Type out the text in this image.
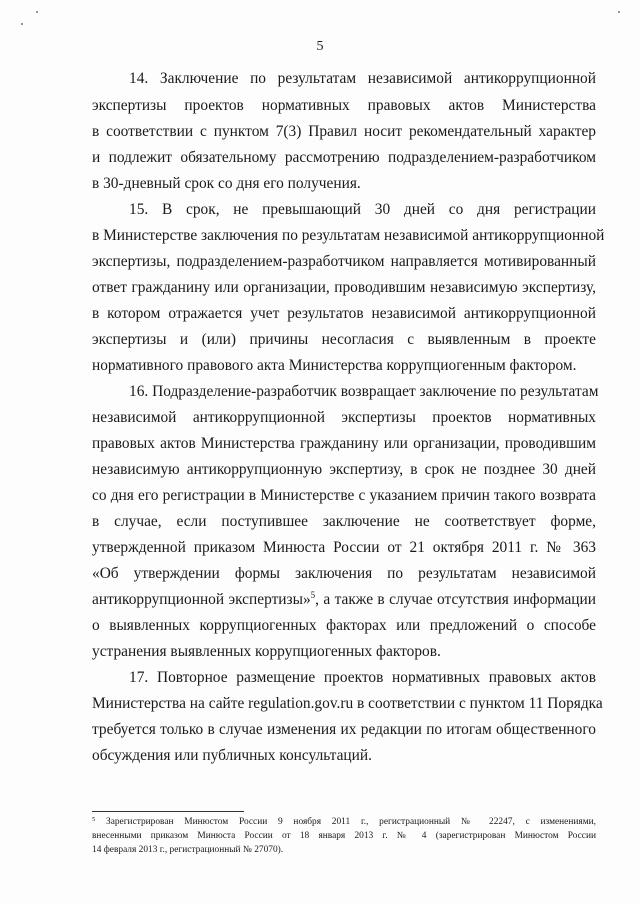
5
14. Заключение по результатам независимой антикоррупционной
экспертизы проектов нормативных правовых актов Министерства
в соответствии с пунктом 7(3) Правил носит рекомендательный характер
и подлежит обязательному рассмотрению подразделением-разработчиком
в 30-дневный срок со дня его получения.
15. В срок, не превышающий 30 дней со дня регистрации
в Министерстве заключения по результатам независимой антикоррупционной
экспертизы, подразделением-разработчиком направляется мотивированный
ответ гражданину или организации, проводившим независимую экспертизу,
в котором отражается учет результатов независимой антикоррупционной
экспертизы и (или) причины несогласия с выявленным в проекте
нормативного правового акта Министерства коррупциогенным фактором.
16. Подразделение-разработчик возвращает заключение по результатам
независимой антикоррупционной экспертизы проектов нормативных
правовых актов Министерства гражданину или организации, проводившим
независимую антикоррупционную экспертизу, в срок не позднее 30 дней
со дня его регистрации в Министерстве с указанием причин такого возврата
в случае, если поступившее заключение не соответствует форме,
утвержденной приказом Минюста России от 21 октября 2011 г. № 363
«Об утверждении формы заключения по результатам независимой
антикоррупционной экспертизы»$^5$, а также в случае отсутствия информации
о выявленных коррупциогенных факторах или предложений о способе
устранения выявленных коррупциогенных факторов.
17. Повторное размещение проектов нормативных правовых актов
Министерства на сайте regulation.gov.ru в соответствии с пунктом 11 Порядка
требуется только в случае изменения их редакции по итогам общественного
обсуждения или публичных консультаций.
$^5$ Зарегистрирован Минюстом России 9 ноября 2011 г., регистрационный № 22247, с изменениями,
внесенными приказом Минюста России от 18 января 2013 г. № 4 (зарегистрирован Минюстом России
14 февраля 2013 г., регистрационный № 27070).
